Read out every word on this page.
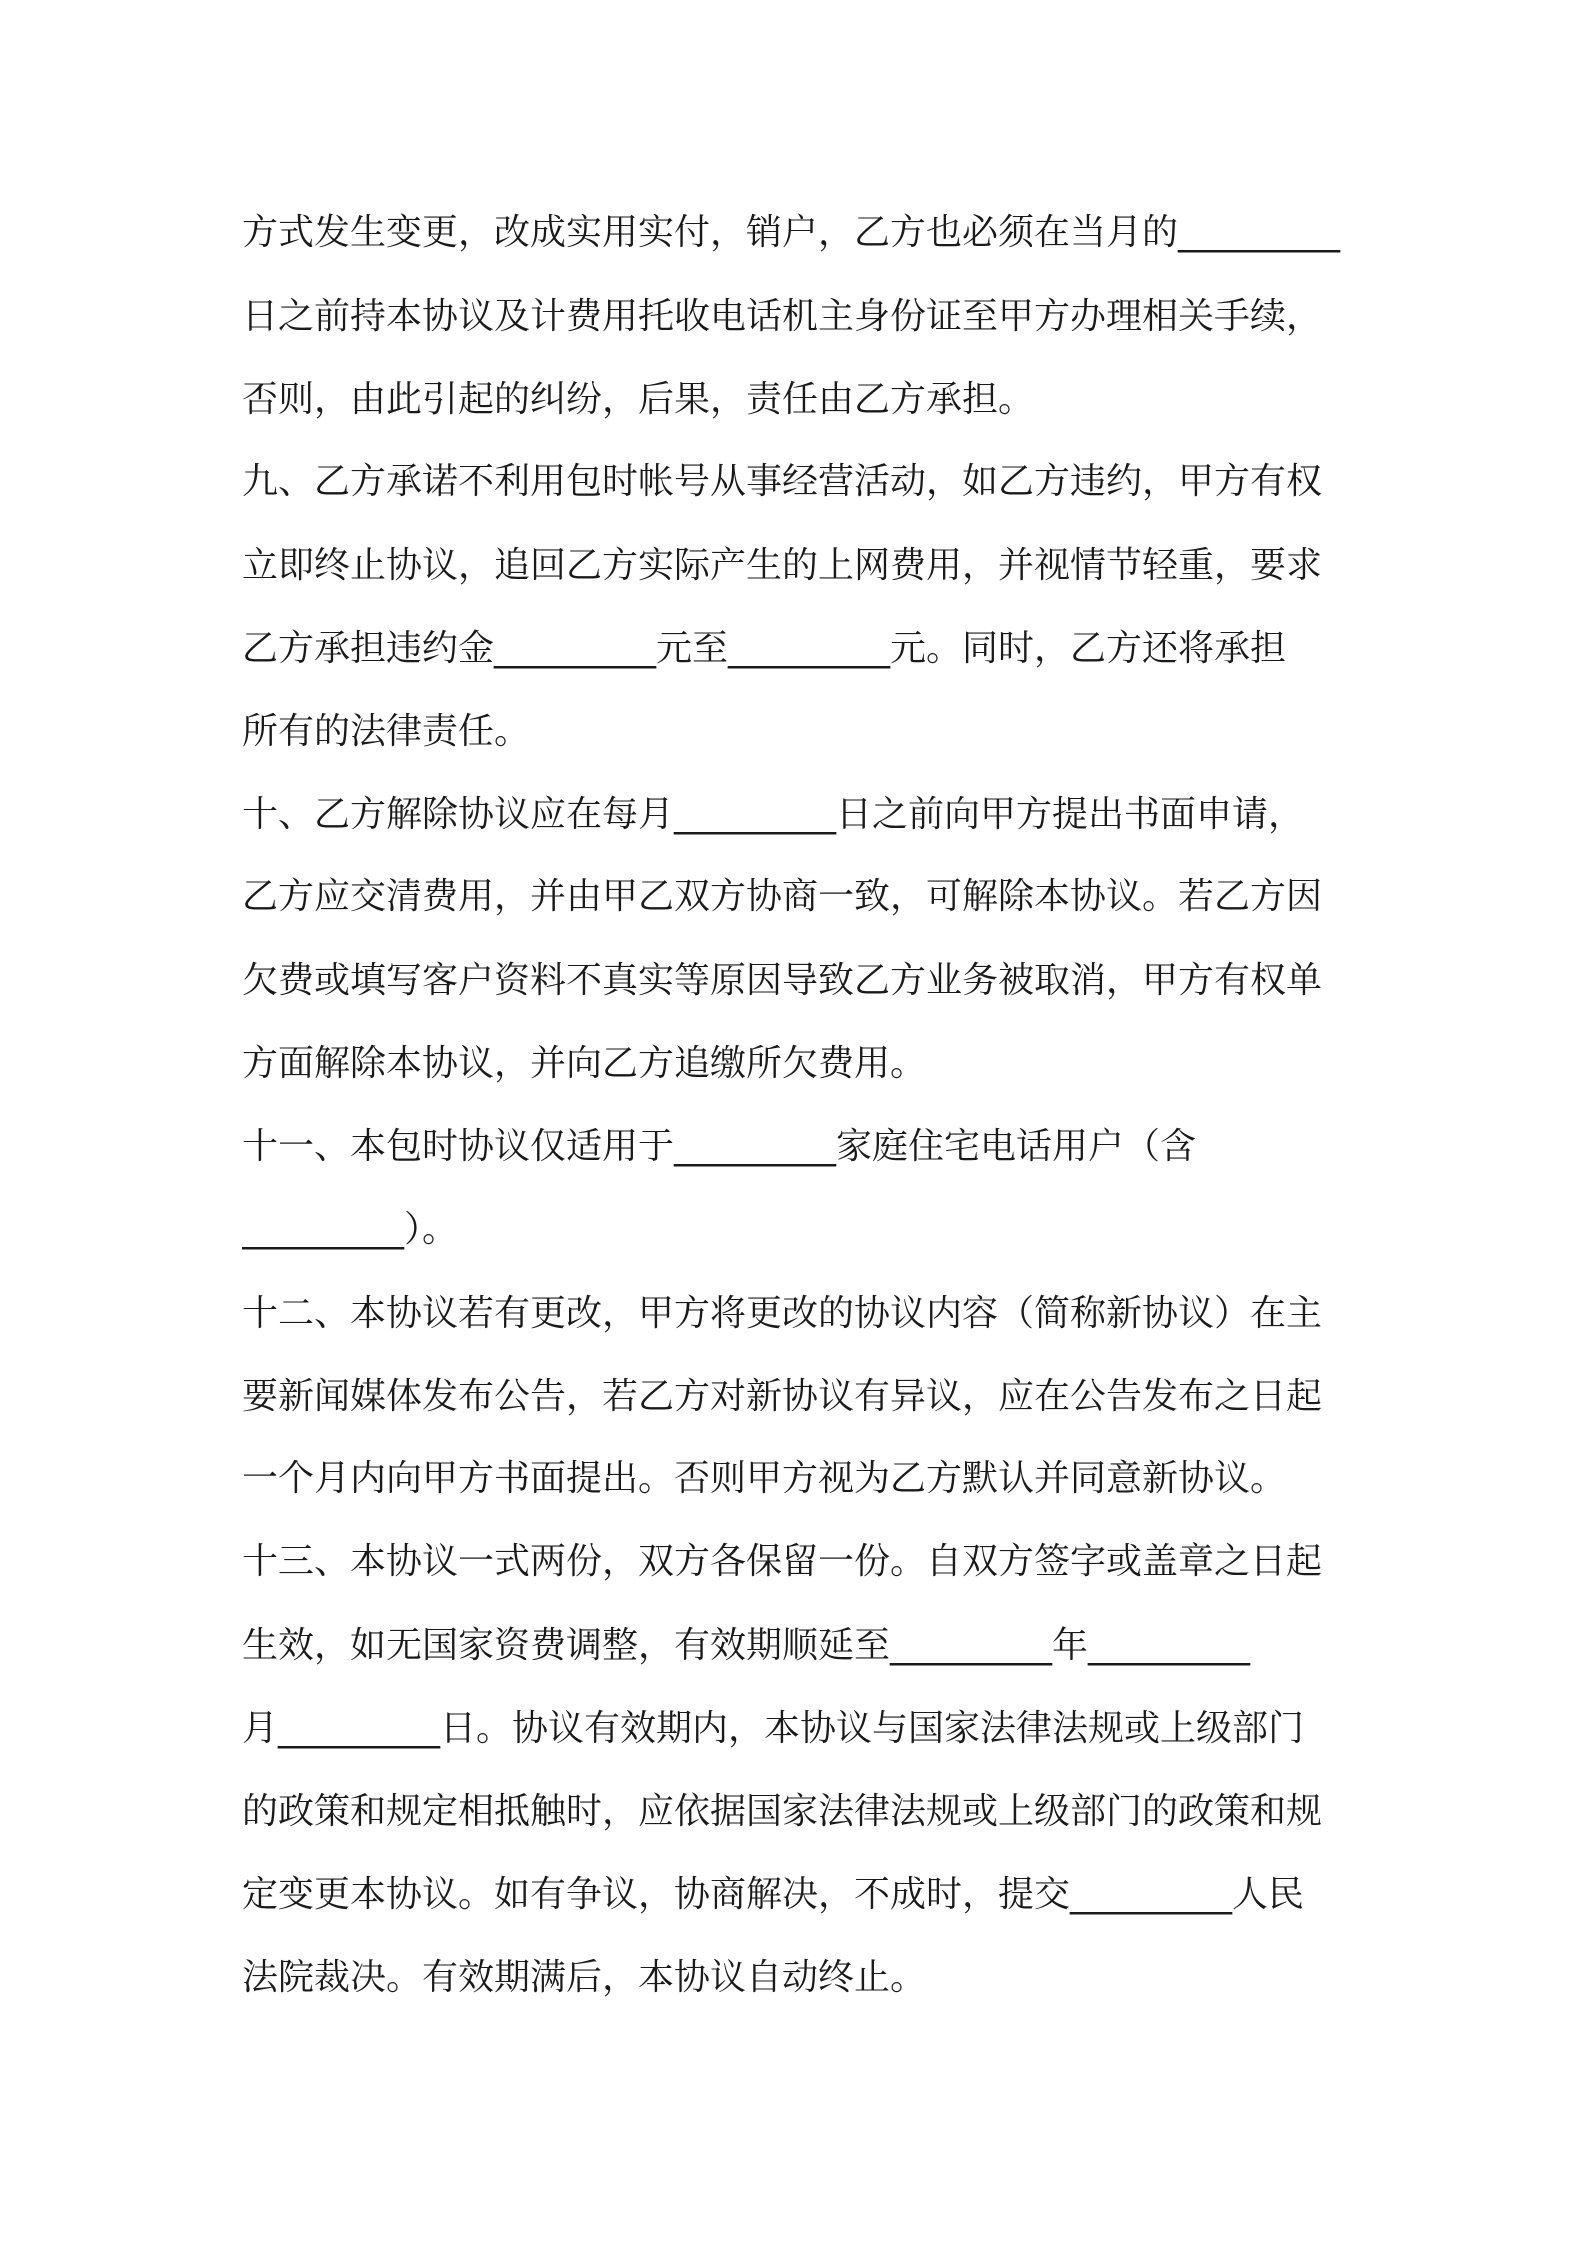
方式发生变更，改成实用实付，销户，乙方也必须在当月的_________
日之前持本协议及计费用托收电话机主身份证至甲方办理相关手续，
否则，由此引起的纠纷，后果，责任由乙方承担。
九、乙方承诺不利用包时帐号从事经营活动，如乙方违约，甲方有权
立即终止协议，追回乙方实际产生的上网费用，并视情节轻重，要求
乙方承担违约金_________元至_________元。同时，乙方还将承担
所有的法律责任。
十、乙方解除协议应在每月_________日之前向甲方提出书面申请，
乙方应交清费用，并由甲乙双方协商一致，可解除本协议。若乙方因
欠费或填写客户资料不真实等原因导致乙方业务被取消，甲方有权单
方面解除本协议，并向乙方追缴所欠费用。
十一、本包时协议仅适用于_________家庭住宅电话用户（含
_________）。
十二、本协议若有更改，甲方将更改的协议内容（简称新协议）在主
要新闻媒体发布公告，若乙方对新协议有异议，应在公告发布之日起
一个月内向甲方书面提出。否则甲方视为乙方默认并同意新协议。
十三、本协议一式两份，双方各保留一份。自双方签字或盖章之日起
生效，如无国家资费调整，有效期顺延至_________年_________
月_________日。协议有效期内，本协议与国家法律法规或上级部门
的政策和规定相抵触时，应依据国家法律法规或上级部门的政策和规
定变更本协议。如有争议，协商解决，不成时，提交_________人民
法院裁决。有效期满后，本协议自动终止。
